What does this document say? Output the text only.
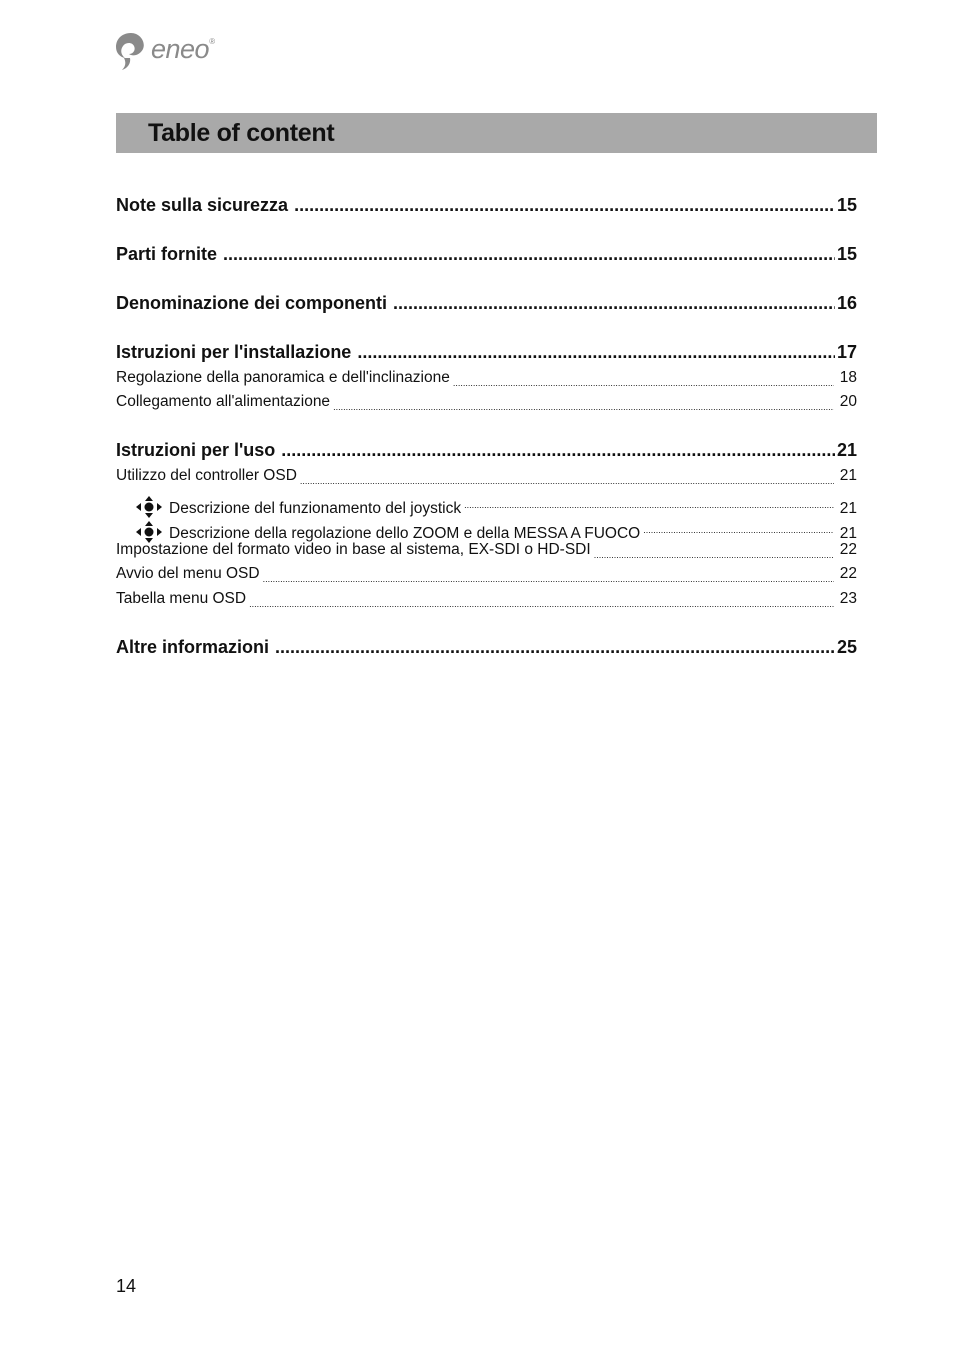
eneo®
Table of content
Note sulla sicurezza .....	15
Parti fornite .....	15
Denominazione dei componenti .....	16
Istruzioni per l'installazione .....	17
Regolazione della panoramica e dell'inclinazione .....	18
Collegamento all'alimentazione .....	20
Istruzioni per l'uso .....	21
Utilizzo del controller OSD .....	21
Descrizione del funzionamento del joystick .....	21
Descrizione della regolazione dello ZOOM e della MESSA A FUOCO .....	21
Impostazione del formato video in base al sistema, EX-SDI o HD-SDI .....	22
Avvio del menu OSD .....	22
Tabella menu OSD .....	23
Altre informazioni .....	25
14
